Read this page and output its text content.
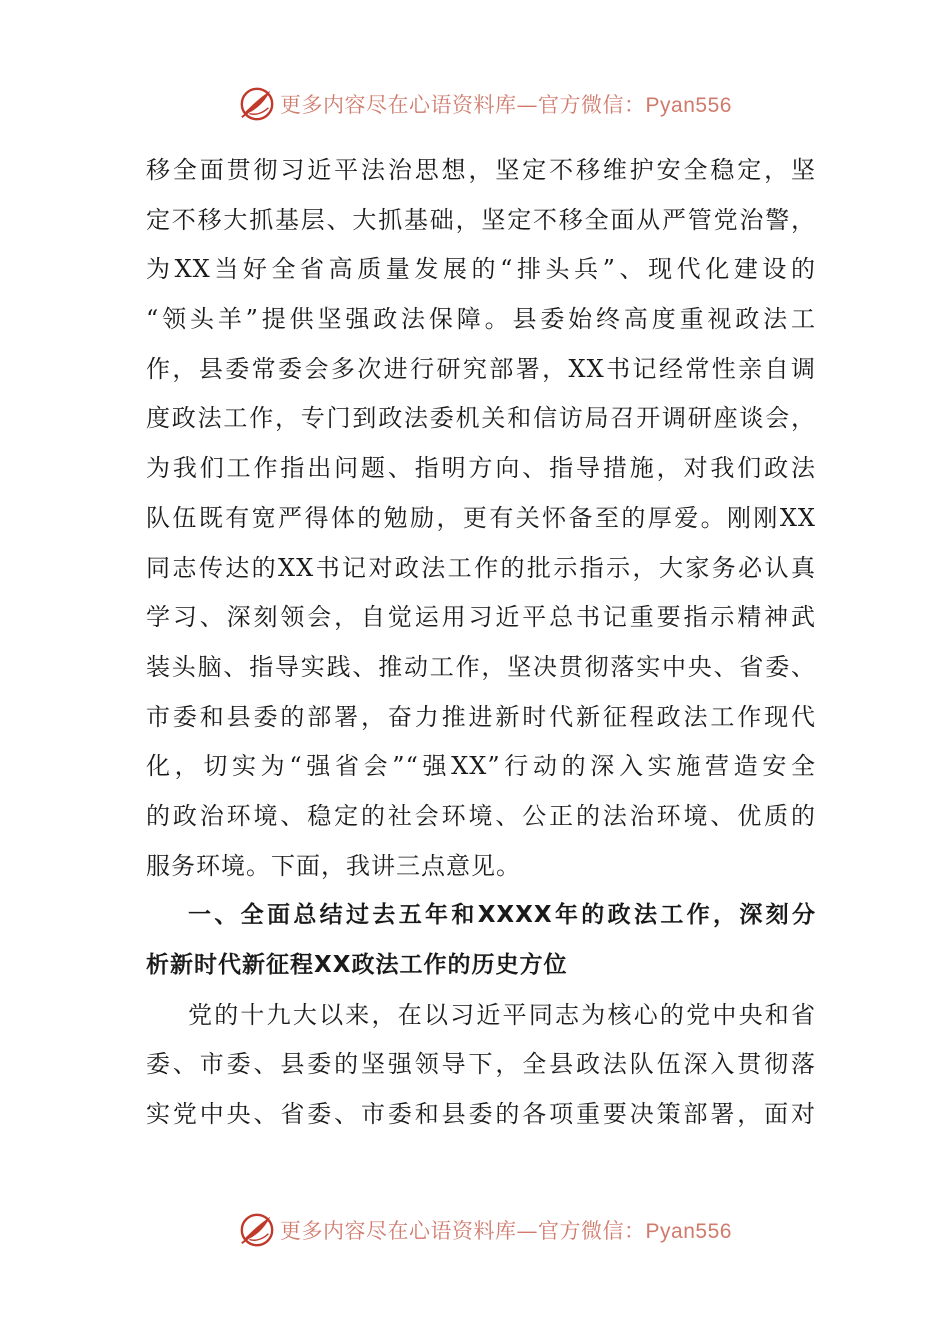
更多内容尽在心语资料库—官方微信：Pyan556
移全面贯彻习近平法治思想，坚定不移维护安全稳定，坚
定不移大抓基层、大抓基础，坚定不移全面从严管党治警，
为XX当好全省高质量发展的“排头兵”、现代化建设的
“领头羊”提供坚强政法保障。县委始终高度重视政法工
作，县委常委会多次进行研究部署，XX书记经常性亲自调
度政法工作，专门到政法委机关和信访局召开调研座谈会，
为我们工作指出问题、指明方向、指导措施，对我们政法
队伍既有宽严得体的勉励，更有关怀备至的厚爱。刚刚XX
同志传达的XX书记对政法工作的批示指示，大家务必认真
学习、深刻领会，自觉运用习近平总书记重要指示精神武
装头脑、指导实践、推动工作，坚决贯彻落实中央、省委、
市委和县委的部署，奋力推进新时代新征程政法工作现代
化，切实为“强省会”“强XX”行动的深入实施营造安全
的政治环境、稳定的社会环境、公正的法治环境、优质的
服务环境。下面，我讲三点意见。
一、全面总结过去五年和XXXX年的政法工作，深刻分
析新时代新征程XX政法工作的历史方位
党的十九大以来，在以习近平同志为核心的党中央和省
委、市委、县委的坚强领导下，全县政法队伍深入贯彻落
实党中央、省委、市委和县委的各项重要决策部署，面对
更多内容尽在心语资料库—官方微信：Pyan556
